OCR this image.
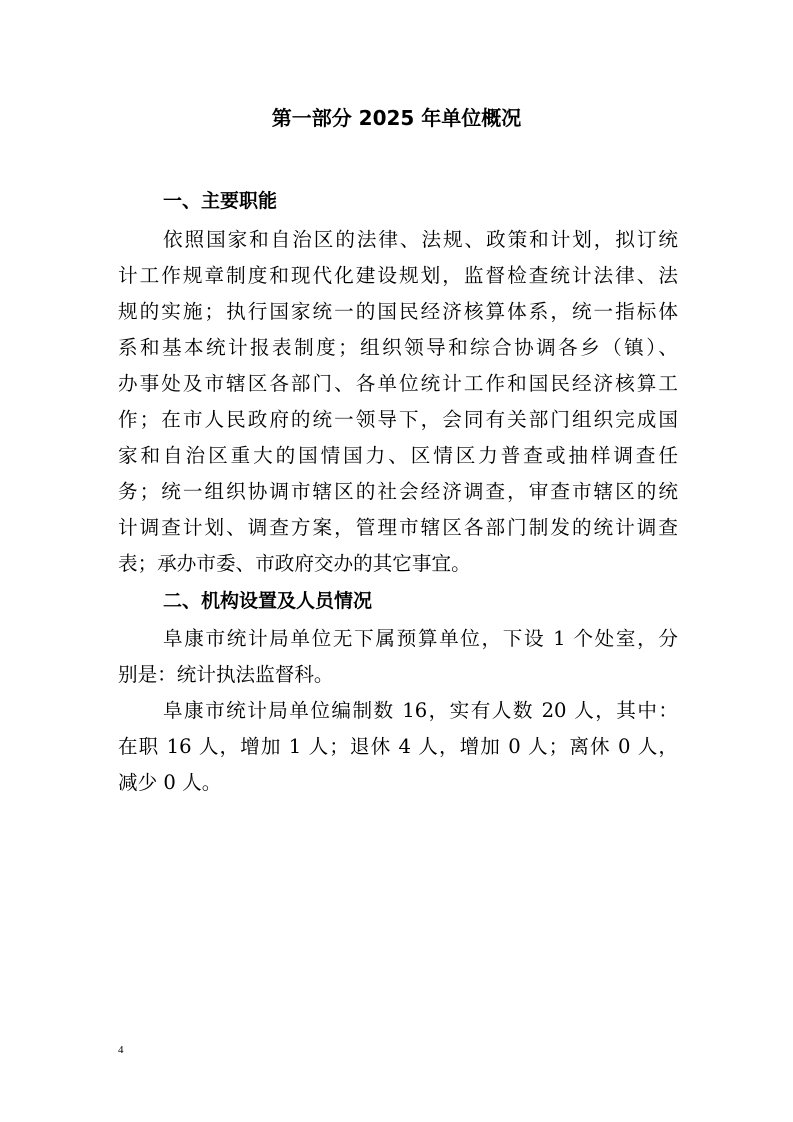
第一部分 2025 年单位概况
一、主要职能

依照国家和自治区的法律、法规、政策和计划，拟订统

计工作规章制度和现代化建设规划，监督检查统计法律、法

规的实施；执行国家统一的国民经济核算体系，统一指标体

系和基本统计报表制度；组织领导和综合协调各乡（镇）、

办事处及市辖区各部门、各单位统计工作和国民经济核算工

作；在市人民政府的统一领导下，会同有关部门组织完成国

家和自治区重大的国情国力、区情区力普查或抽样调查任

务；统一组织协调市辖区的社会经济调查，审查市辖区的统

计调查计划、调查方案，管理市辖区各部门制发的统计调查

表；承办市委、市政府交办的其它事宜。

二、机构设置及人员情况

阜康市统计局单位无下属预算单位，下设 1 个处室，分

别是：统计执法监督科。

阜康市统计局单位编制数 16，实有人数 20 人，其中：

在职 16 人，增加 1 人；退休 4 人，增加 0 人；离休 0 人，

减少 0 人。

4
